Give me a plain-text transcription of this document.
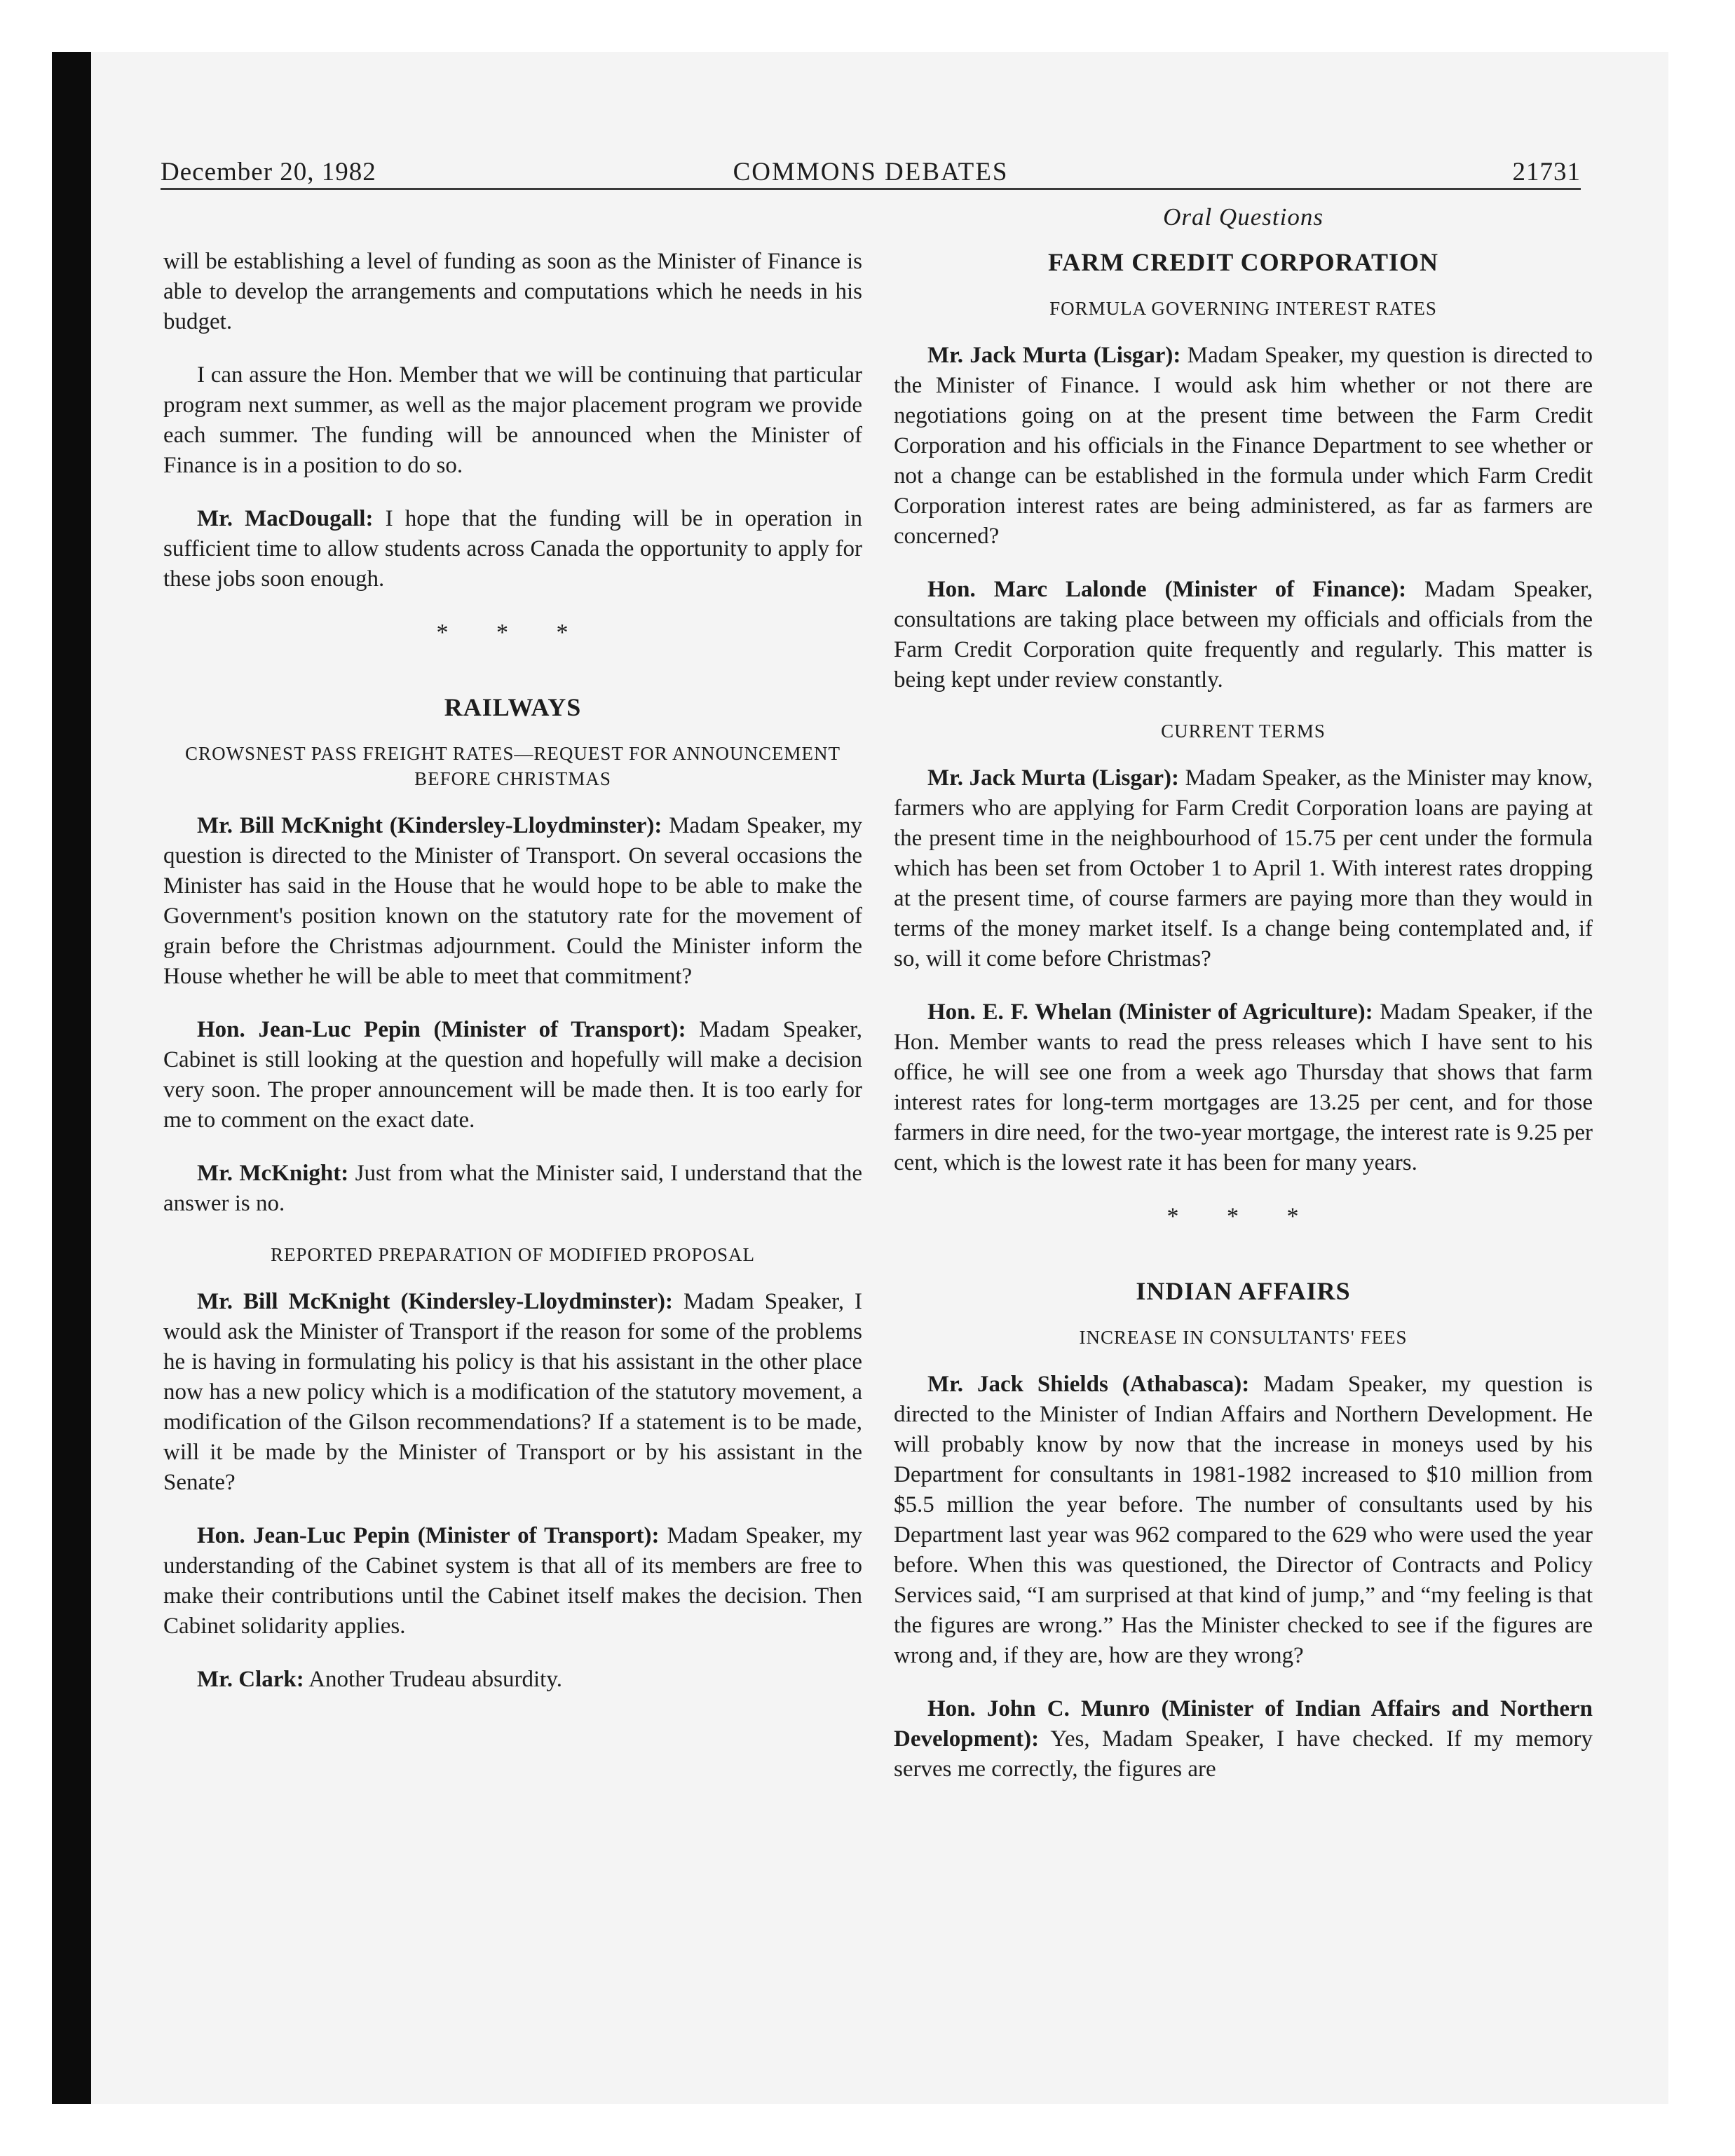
December 20, 1982	COMMONS DEBATES	21731

will be establishing a level of funding as soon as the Minister of Finance is able to develop the arrangements and computations which he needs in his budget.

I can assure the Hon. Member that we will be continuing that particular program next summer, as well as the major placement program we provide each summer. The funding will be announced when the Minister of Finance is in a position to do so.

Mr. MacDougall: I hope that the funding will be in operation in sufficient time to allow students across Canada the opportunity to apply for these jobs soon enough.

* * *
RAILWAYS
CROWSNEST PASS FREIGHT RATES—REQUEST FOR ANNOUNCEMENT BEFORE CHRISTMAS

Mr. Bill McKnight (Kindersley-Lloydminster): Madam Speaker, my question is directed to the Minister of Transport. On several occasions the Minister has said in the House that he would hope to be able to make the Government's position known on the statutory rate for the movement of grain before the Christmas adjournment. Could the Minister inform the House whether he will be able to meet that commitment?

Hon. Jean-Luc Pepin (Minister of Transport): Madam Speaker, Cabinet is still looking at the question and hopefully will make a decision very soon. The proper announcement will be made then. It is too early for me to comment on the exact date.

Mr. McKnight: Just from what the Minister said, I understand that the answer is no.

REPORTED PREPARATION OF MODIFIED PROPOSAL

Mr. Bill McKnight (Kindersley-Lloydminster): Madam Speaker, I would ask the Minister of Transport if the reason for some of the problems he is having in formulating his policy is that his assistant in the other place now has a new policy which is a modification of the statutory movement, a modification of the Gilson recommendations? If a statement is to be made, will it be made by the Minister of Transport or by his assistant in the Senate?

Hon. Jean-Luc Pepin (Minister of Transport): Madam Speaker, my understanding of the Cabinet system is that all of its members are free to make their contributions until the Cabinet itself makes the decision. Then Cabinet solidarity applies.

Mr. Clark: Another Trudeau absurdity.

Oral Questions
FARM CREDIT CORPORATION
FORMULA GOVERNING INTEREST RATES

Mr. Jack Murta (Lisgar): Madam Speaker, my question is directed to the Minister of Finance. I would ask him whether or not there are negotiations going on at the present time between the Farm Credit Corporation and his officials in the Finance Department to see whether or not a change can be established in the formula under which Farm Credit Corporation interest rates are being administered, as far as farmers are concerned?

Hon. Marc Lalonde (Minister of Finance): Madam Speaker, consultations are taking place between my officials and officials from the Farm Credit Corporation quite frequently and regularly. This matter is being kept under review constantly.

CURRENT TERMS

Mr. Jack Murta (Lisgar): Madam Speaker, as the Minister may know, farmers who are applying for Farm Credit Corporation loans are paying at the present time in the neighbourhood of 15.75 per cent under the formula which has been set from October 1 to April 1. With interest rates dropping at the present time, of course farmers are paying more than they would in terms of the money market itself. Is a change being contemplated and, if so, will it come before Christmas?

Hon. E. F. Whelan (Minister of Agriculture): Madam Speaker, if the Hon. Member wants to read the press releases which I have sent to his office, he will see one from a week ago Thursday that shows that farm interest rates for long-term mortgages are 13.25 per cent, and for those farmers in dire need, for the two-year mortgage, the interest rate is 9.25 per cent, which is the lowest rate it has been for many years.

* * *
INDIAN AFFAIRS
INCREASE IN CONSULTANTS' FEES

Mr. Jack Shields (Athabasca): Madam Speaker, my question is directed to the Minister of Indian Affairs and Northern Development. He will probably know by now that the increase in moneys used by his Department for consultants in 1981-1982 increased to $10 million from $5.5 million the year before. The number of consultants used by his Department last year was 962 compared to the 629 who were used the year before. When this was questioned, the Director of Contracts and Policy Services said, “I am surprised at that kind of jump,” and “my feeling is that the figures are wrong.” Has the Minister checked to see if the figures are wrong and, if they are, how are they wrong?

Hon. John C. Munro (Minister of Indian Affairs and Northern Development): Yes, Madam Speaker, I have checked. If my memory serves me correctly, the figures are
